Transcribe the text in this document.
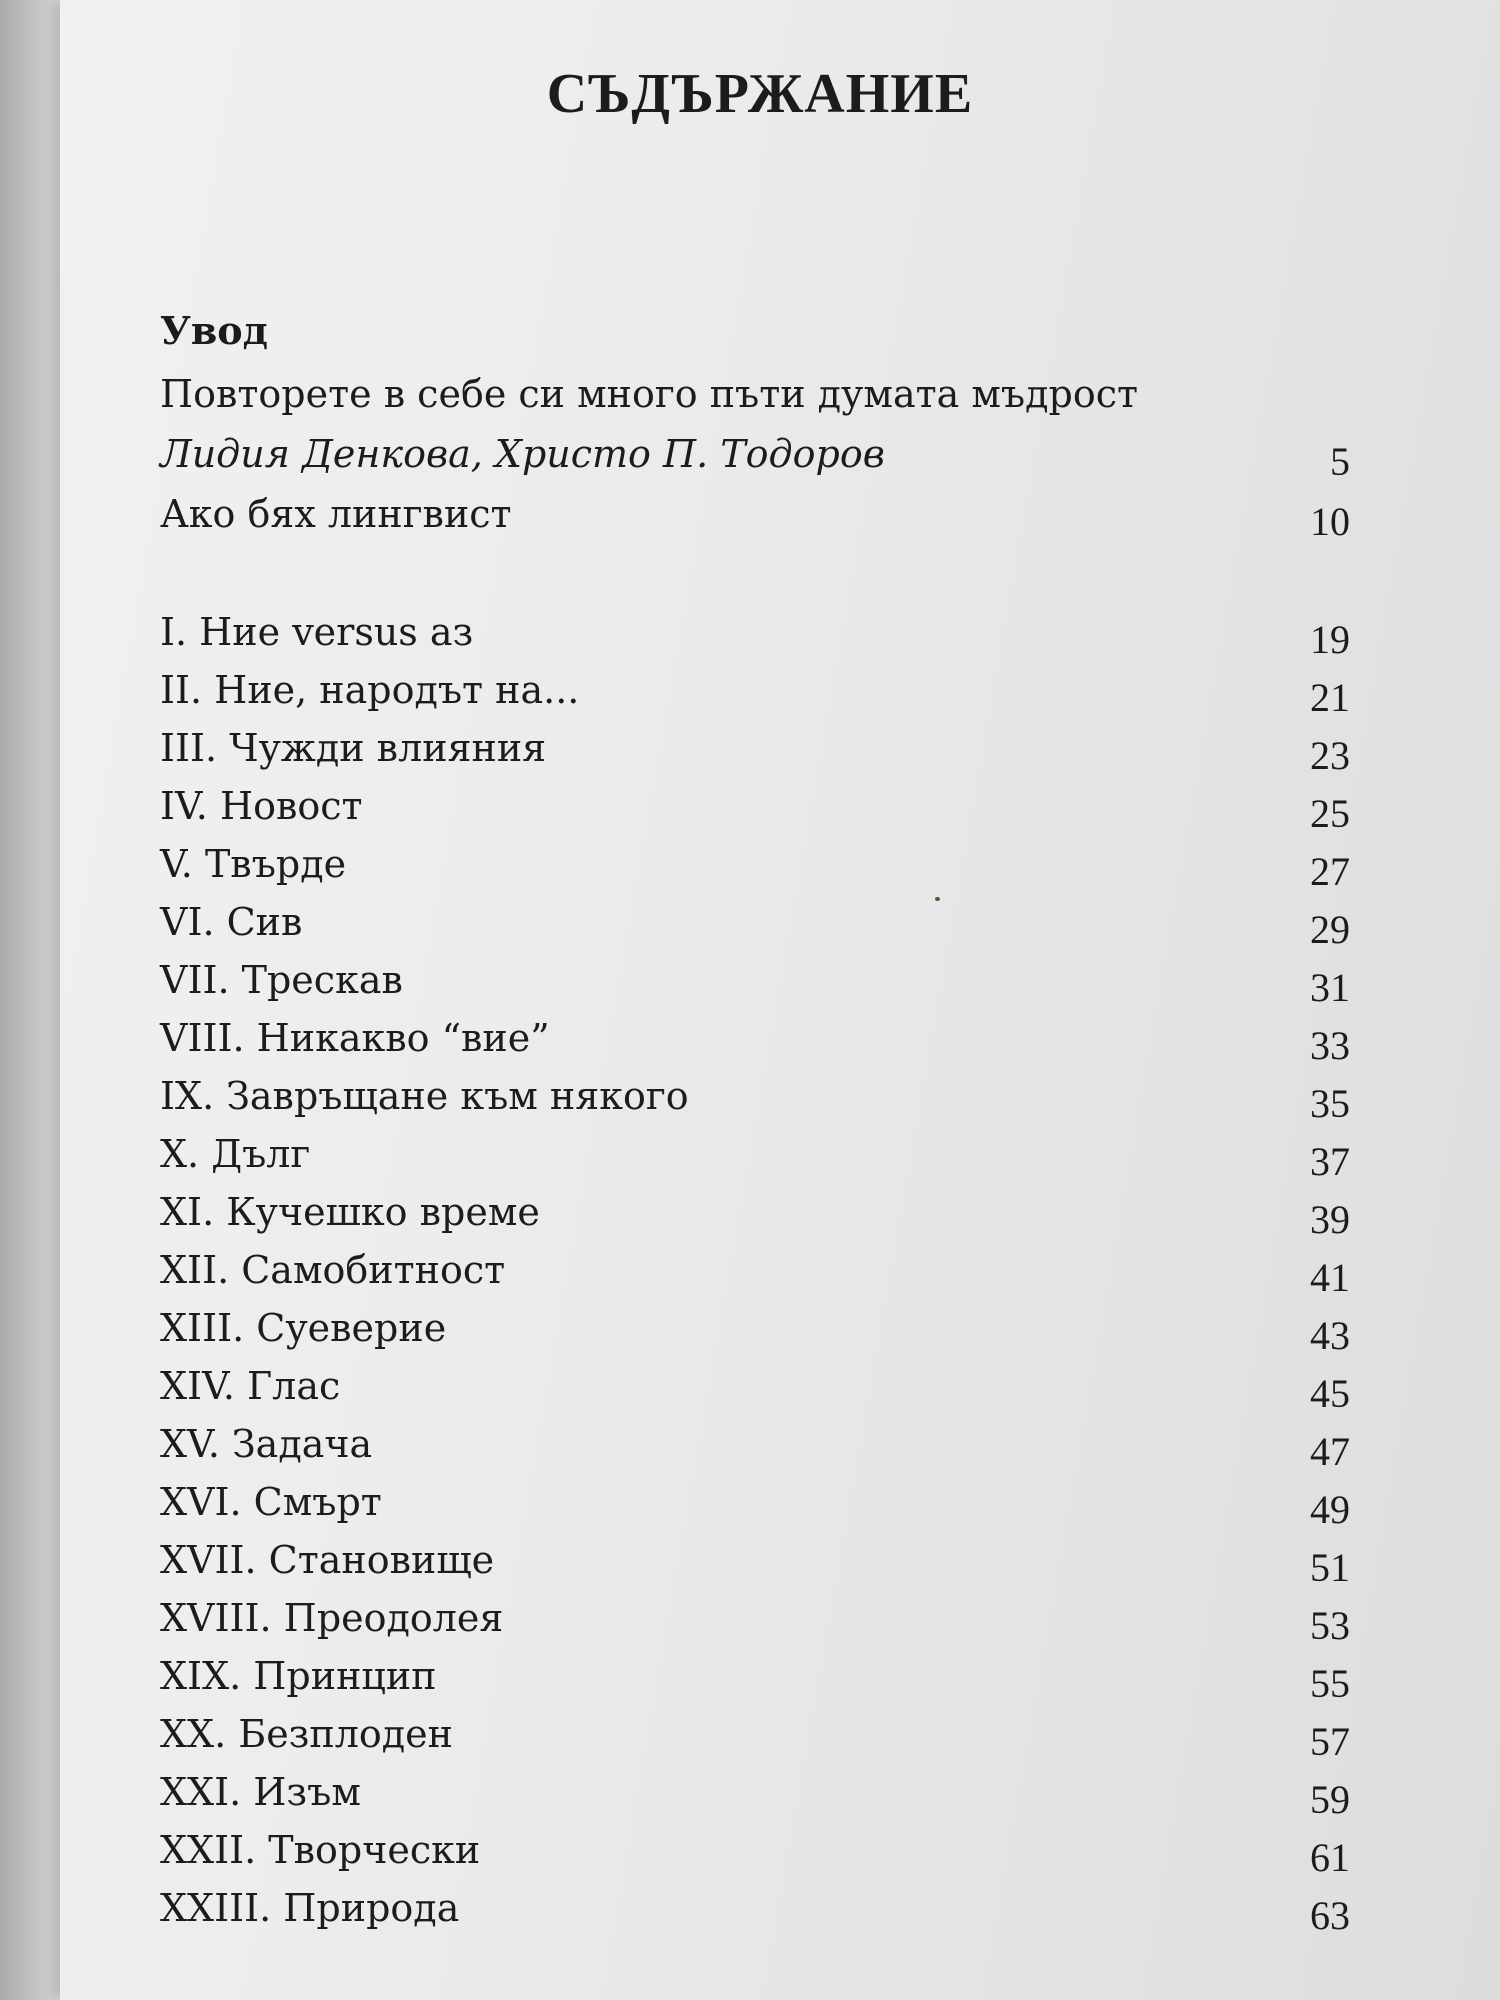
СЪДЪРЖАНИЕ
Увод
Повторете в себе си много пъти думата мъдрост
Лидия Денкова, Христо П. Тодоров	5
Ако бях лингвист	10
I. Ние versus аз	19
II. Ние, народът на...	21
III. Чужди влияния	23
IV. Новост	25
V. Твърде	27
VI. Сив	29
VII. Трескав	31
VIII. Никакво “вие”	33
IX. Завръщане към някого	35
X. Дълг	37
XI. Кучешко време	39
XII. Самобитност	41
XIII. Суеверие	43
XIV. Глас	45
XV. Задача	47
XVI. Смърт	49
XVII. Становище	51
XVIII. Преодолея	53
XIX. Принцип	55
XX. Безплоден	57
XXI. Изъм	59
XXII. Творчески	61
XXIII. Природа	63
